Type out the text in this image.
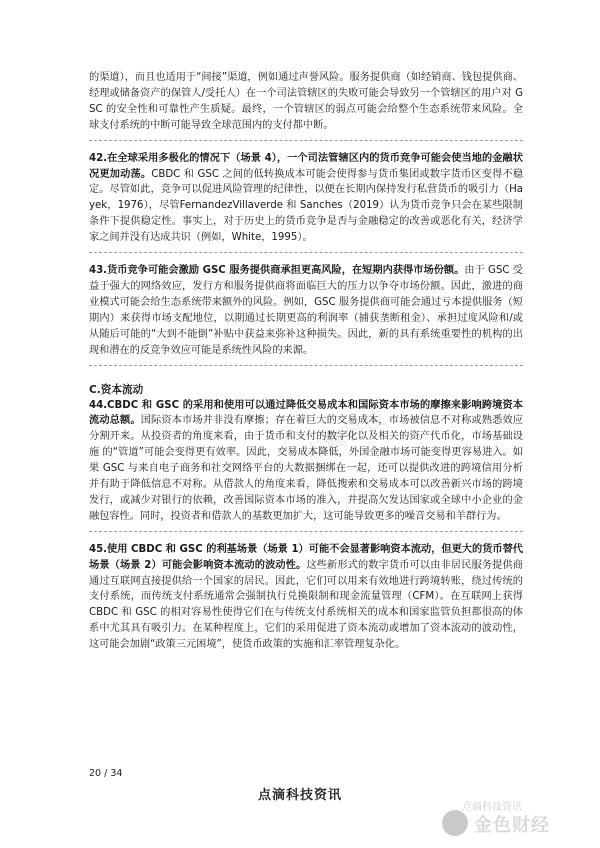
点滴科技

的渠道），而且也适用于“间接”渠道，例如通过声誉风险。服务提供商（如经销商、钱包提供商、经理或储备资产的保管人/受托人）在一个司法管辖区的失败可能会导致另一个管辖区的用户对 GSC 的安全性和可靠性产生质疑。最终，一个管辖区的弱点可能会给整个生态系统带来风险。全球支付系统的中断可能导致全球范围内的支付都中断。

42.在全球采用多极化的情况下（场景 4），一个司法管辖区内的货币竞争可能会使当地的金融状况更加动荡。CBDC 和 GSC 之间的低转换成本可能会使得参与货币集团或数字货币区变得不稳定。尽管如此，竞争可以促进风险管理的纪律性，以便在长期内保持发行私营货币的吸引力（Hayek，1976），尽管FernandezVillaverde 和 Sanches（2019）认为货币竞争只会在某些限制条件下提供稳定性。事实上，对于历史上的货币竞争是否与金融稳定的改善或恶化有关，经济学家之间并没有达成共识（例如，White，1995）。

43.货币竞争可能会激励 GSC 服务提供商承担更高风险，在短期内获得市场份额。由于 GSC 受益于强大的网络效应，发行方和服务提供商将面临巨大的压力以争夺市场份额。因此，激进的商业模式可能会给生态系统带来额外的风险。例如，GSC 服务提供商可能会通过亏本提供服务（短期内）来获得市场支配地位，以期通过长期更高的利润率（捕获垄断租金）、承担过度风险和/或从随后可能的“大到不能倒”补贴中获益来弥补这种损失。因此，新的具有系统重要性的机构的出现和潜在的反竞争效应可能是系统性风险的来源。

C.资本流动

44.CBDC 和 GSC 的采用和使用可以通过降低交易成本和国际资本市场的摩擦来影响跨境资本流动总额。国际资本市场并非没有摩擦；存在着巨大的交易成本，市场被信息不对称或熟悉效应分割开来。从投资者的角度来看，由于货币和支付的数字化以及相关的资产代币化，市场基础设施 的“管道”可能会变得更有效率。因此，交易成本降低，外国金融市场可能变得更容易进入。如果 GSC 与来自电子商务和社交网络平台的大数据捆绑在一起，还可以提供改进的跨境信用分析并有助于降低信息不对称。从借款人的角度来看，降低搜索和交易成本可以改善新兴市场的跨境发行，或减少对银行的依赖，改善国际资本市场的准入，并提高欠发达国家或全球中小企业的金融包容性。同时，投资者和借款人的基数更加扩大，这可能导致更多的噪音交易和羊群行为。

45.使用 CBDC 和 GSC 的利基场景（场景 1）可能不会显著影响资本流动，但更大的货币替代场景（场景 2）可能会影响资本流动的波动性。这些新形式的数字货币可以由非居民服务提供商通过互联网直接提供给一个国家的居民。因此，它们可以用来有效地进行跨境转账，绕过传统的支付系统，而传统支付系统通常会强制执行兑换限制和现金流量管理（CFM）。在互联网上获得 CBDC 和 GSC 的相对容易性使得它们在与传统支付系统相关的成本和国家监管负担都很高的体系中尤其具有吸引力。在某种程度上，它们的采用促进了资本流动或增加了资本流动的波动性，这可能会加剧“政策三元困境”，使货币政策的实施和汇率管理复杂化。

20 / 34
点滴科技资讯
点滴科技资讯
金色财经
